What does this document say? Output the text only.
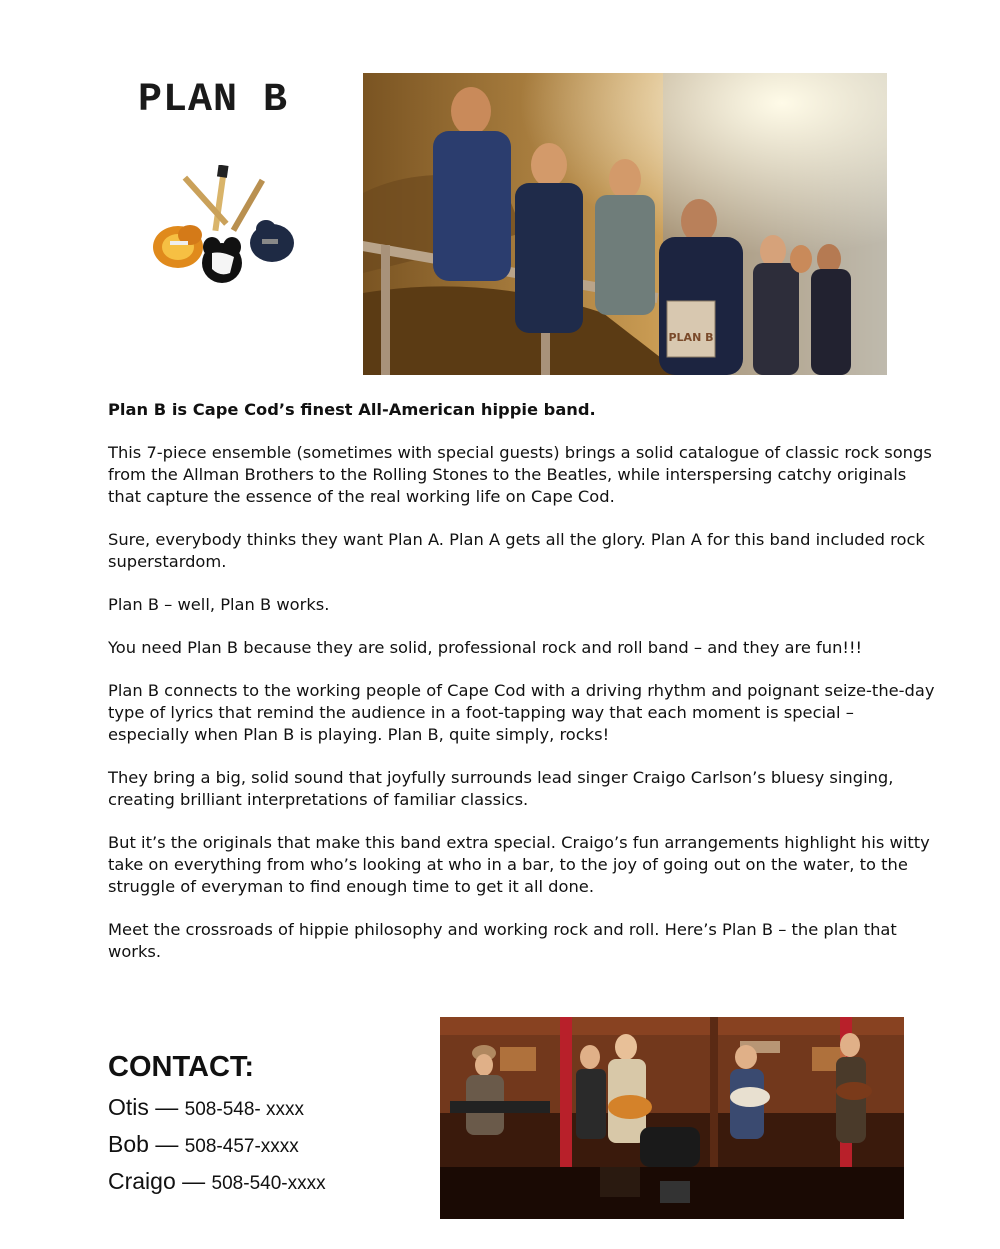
PLAN B
PLAN B

Plan B is Cape Cod’s finest All-American hippie band.

This 7-piece ensemble (sometimes with special guests) brings a solid catalogue of classic rock songs from the Allman Brothers to the Rolling Stones to the Beatles, while interspersing catchy originals that capture the essence of the real working life on Cape Cod.

Sure, everybody thinks they want Plan A. Plan A gets all the glory. Plan A for this band included rock superstardom.

Plan B – well, Plan B works.

You need Plan B because they are solid, professional rock and roll band – and they are fun!!!

Plan B connects to the working people of Cape Cod with a driving rhythm and poignant seize-the-day type of lyrics that remind the audience in a foot-tapping way that each moment is special – especially when Plan B is playing. Plan B, quite simply, rocks!

They bring a big, solid sound that joyfully surrounds lead singer Craigo Carlson’s bluesy singing, creating brilliant interpretations of familiar classics.

But it’s the originals that make this band extra special. Craigo’s fun arrangements highlight his witty take on everything from who’s looking at who in a bar, to the joy of going out on the water, to the struggle of everyman to find enough time to get it all done.

Meet the crossroads of hippie philosophy and working rock and roll. Here’s Plan B – the plan that works.

CONTACT:
Otis — 508-548- xxxx
Bob — 508-457-xxxx
Craigo — 508-540-xxxx
